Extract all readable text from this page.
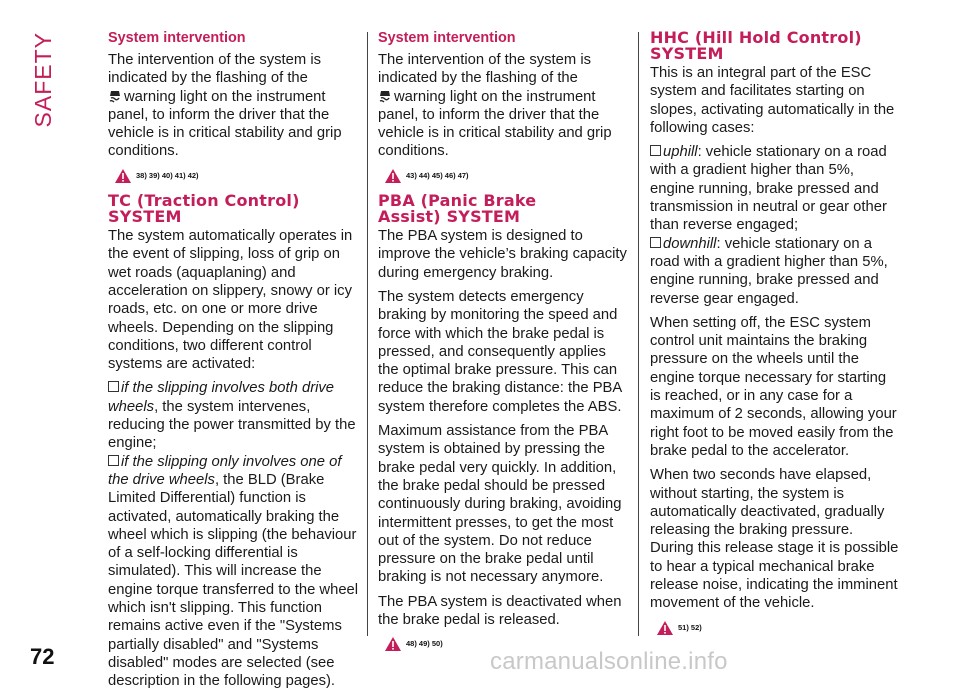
SAFETY
72	carmanualsonline.info
System intervention

The intervention of the system is indicated by the flashing of the
warning light on the instrument panel, to inform the driver that the vehicle is in critical stability and grip conditions.

38) 39) 40) 41) 42)
TC (Traction Control)
SYSTEM

The system automatically operates in the event of slipping, loss of grip on wet roads (aquaplaning) and acceleration on slippery, snowy or icy roads, etc. on one or more drive wheels. Depending on the slipping conditions, two different control systems are activated:

if the slipping involves both drive wheels, the system intervenes, reducing the power transmitted by the engine;

if the slipping only involves one of the drive wheels, the BLD (Brake Limited Differential) function is activated, automatically braking the wheel which is slipping (the behaviour of a self-locking differential is simulated). This will increase the engine torque transferred to the wheel which isn't slipping. This function remains active even if the "Systems partially disabled" and "Systems disabled" modes are selected (see description in the following pages).

System intervention

The intervention of the system is indicated by the flashing of the
warning light on the instrument panel, to inform the driver that the vehicle is in critical stability and grip conditions.

43) 44) 45) 46) 47)
PBA (Panic Brake
Assist) SYSTEM

The PBA system is designed to improve the vehicle’s braking capacity during emergency braking.

The system detects emergency braking by monitoring the speed and force with which the brake pedal is pressed, and consequently applies the optimal brake pressure. This can reduce the braking distance: the PBA system therefore completes the ABS.

Maximum assistance from the PBA system is obtained by pressing the brake pedal very quickly. In addition, the brake pedal should be pressed continuously during braking, avoiding intermittent presses, to get the most out of the system. Do not reduce pressure on the brake pedal until braking is not necessary anymore.

The PBA system is deactivated when the brake pedal is released.

48) 49) 50)
HHC (Hill Hold Control)
SYSTEM

This is an integral part of the ESC system and facilitates starting on slopes, activating automatically in the following cases:

uphill: vehicle stationary on a road with a gradient higher than 5%, engine running, brake pressed and transmission in neutral or gear other than reverse engaged;

downhill: vehicle stationary on a road with a gradient higher than 5%, engine running, brake pressed and reverse gear engaged.

When setting off, the ESC system control unit maintains the braking pressure on the wheels until the engine torque necessary for starting is reached, or in any case for a maximum of 2 seconds, allowing your right foot to be moved easily from the brake pedal to the accelerator.

When two seconds have elapsed, without starting, the system is automatically deactivated, gradually releasing the braking pressure. During this release stage it is possible to hear a typical mechanical brake release noise, indicating the imminent movement of the vehicle.

51) 52)
